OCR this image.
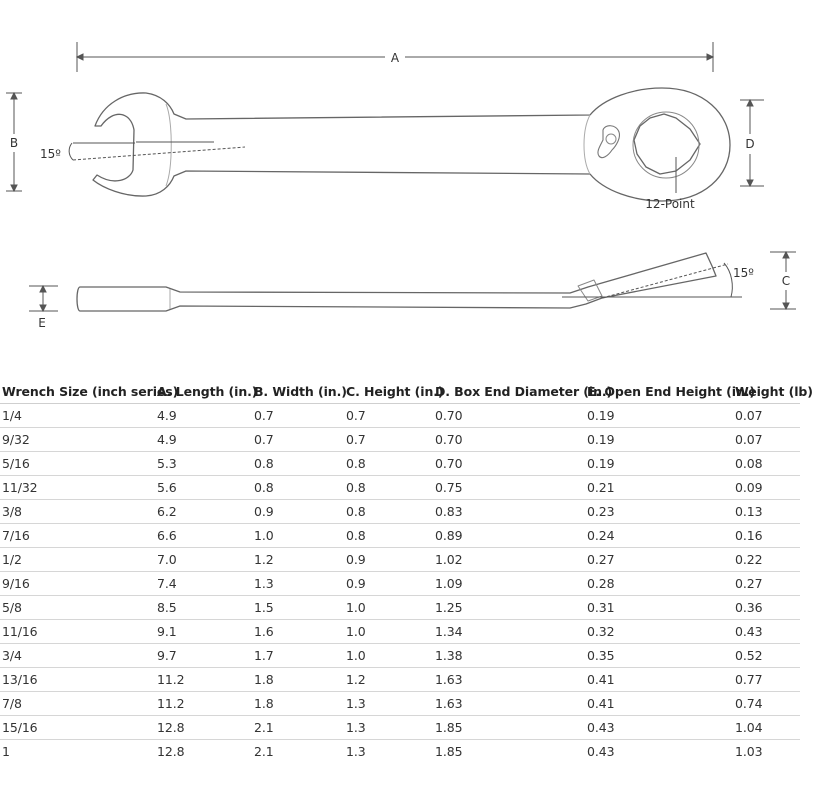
A
15º
B	D
12-Point
15º
C
E
Wrench Size (inch series)	A. Length (in.)	B. Width (in.)	C. Height (in.)	D. Box End Diameter (in.)	E. Open End Height (in.)	Weight (lb)
1/4	4.9	0.7	0.7	0.70	0.19	0.07
9/32	4.9	0.7	0.7	0.70	0.19	0.07
5/16	5.3	0.8	0.8	0.70	0.19	0.08
11/32	5.6	0.8	0.8	0.75	0.21	0.09
3/8	6.2	0.9	0.8	0.83	0.23	0.13
7/16	6.6	1.0	0.8	0.89	0.24	0.16
1/2	7.0	1.2	0.9	1.02	0.27	0.22
9/16	7.4	1.3	0.9	1.09	0.28	0.27
5/8	8.5	1.5	1.0	1.25	0.31	0.36
11/16	9.1	1.6	1.0	1.34	0.32	0.43
3/4	9.7	1.7	1.0	1.38	0.35	0.52
13/16	11.2	1.8	1.2	1.63	0.41	0.77
7/8	11.2	1.8	1.3	1.63	0.41	0.74
15/16	12.8	2.1	1.3	1.85	0.43	1.04
1	12.8	2.1	1.3	1.85	0.43	1.03
